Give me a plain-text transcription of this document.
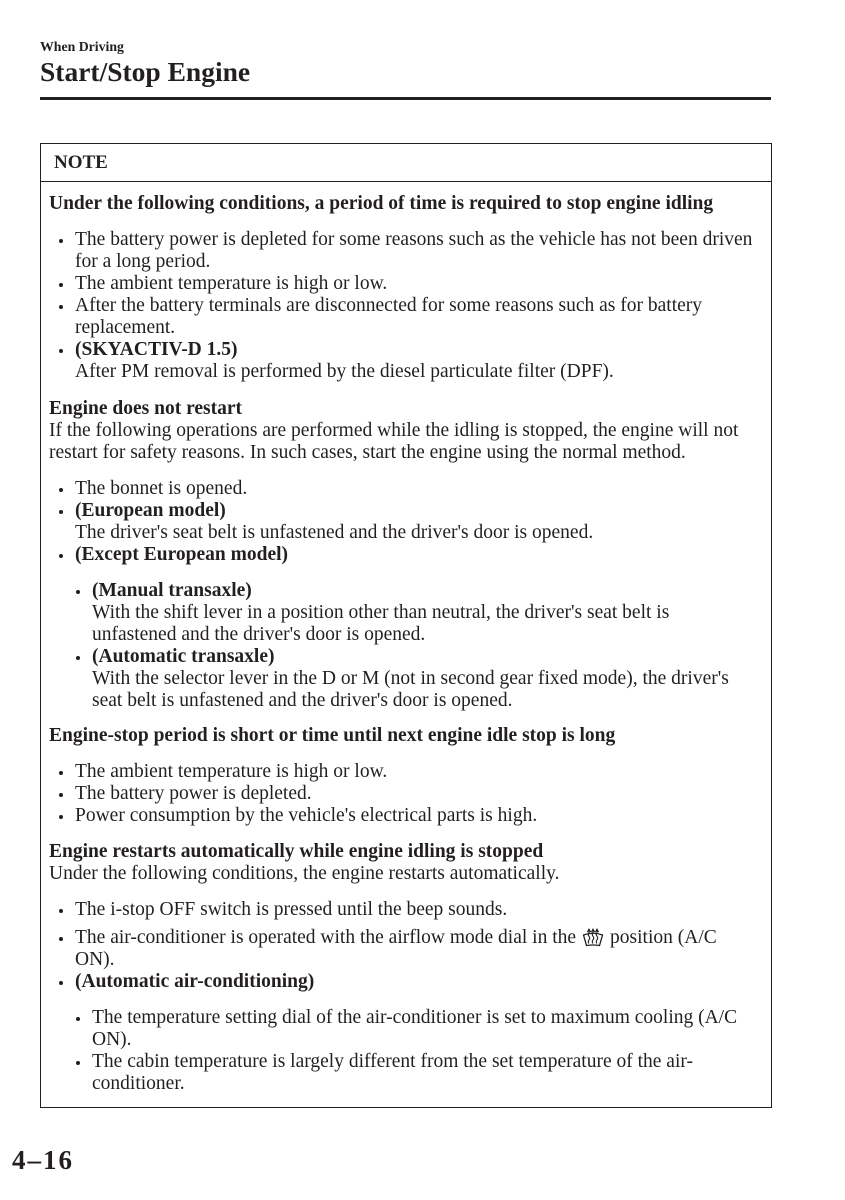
When Driving
Start/Stop Engine
NOTE
Under the following conditions, a period of time is required to stop engine idling
The battery power is depleted for some reasons such as the vehicle has not been driven
for a long period.
The ambient temperature is high or low.
After the battery terminals are disconnected for some reasons such as for battery
replacement.
(SKYACTIV-D 1.5)
After PM removal is performed by the diesel particulate filter (DPF).
Engine does not restart
If the following operations are performed while the idling is stopped, the engine will not
restart for safety reasons. In such cases, start the engine using the normal method.
The bonnet is opened.
(European model)
The driver's seat belt is unfastened and the driver's door is opened.
(Except European model)
(Manual transaxle)
With the shift lever in a position other than neutral, the driver's seat belt is
unfastened and the driver's door is opened.
(Automatic transaxle)
With the selector lever in the D or M (not in second gear fixed mode), the driver's
seat belt is unfastened and the driver's door is opened.
Engine-stop period is short or time until next engine idle stop is long
The ambient temperature is high or low.
The battery power is depleted.
Power consumption by the vehicle's electrical parts is high.
Engine restarts automatically while engine idling is stopped
Under the following conditions, the engine restarts automatically.
The i-stop OFF switch is pressed until the beep sounds.
The air-conditioner is operated with the airflow mode dial in the position (A/C
ON).
(Automatic air-conditioning)
The temperature setting dial of the air-conditioner is set to maximum cooling (A/C
ON).
The cabin temperature is largely different from the set temperature of the air-
conditioner.
4–16
